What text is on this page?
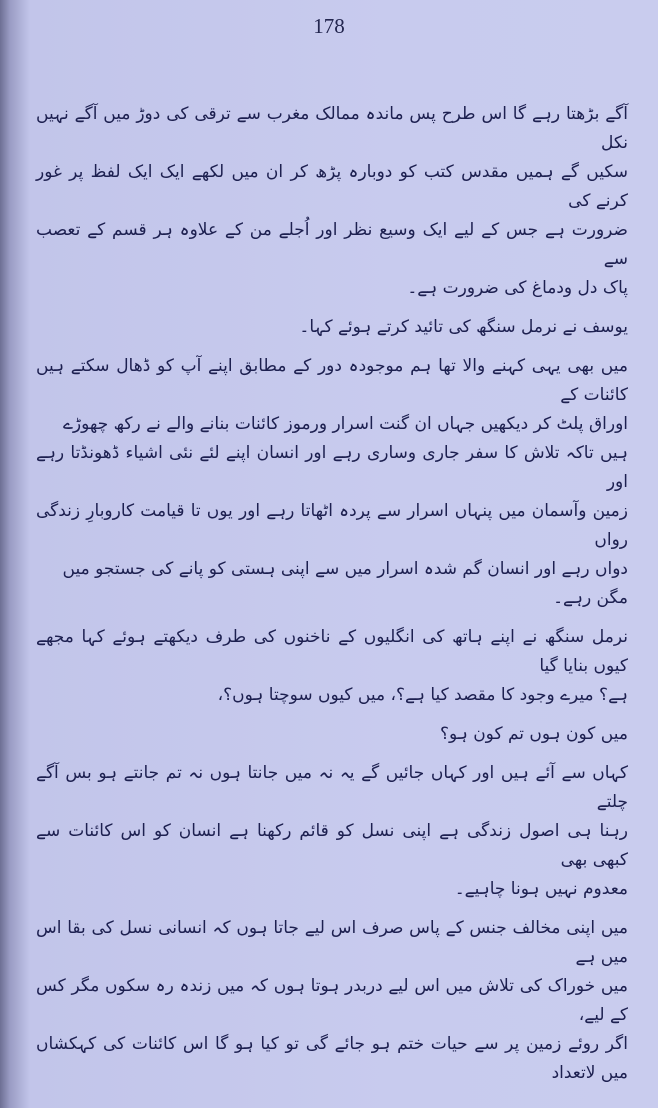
178
آگے بڑھتا رہے گا اس طرح پس ماندہ ممالک مغرب سے ترقی کی دوڑ میں آگے نہیں نکل
سکیں گے ہمیں مقدس کتب کو دوبارہ پڑھ کر ان میں لکھے ایک ایک لفظ پر غور کرنے کی
ضرورت ہے جس کے لیے ایک وسیع نظر اور اُجلے من کے علاوہ ہر قسم کے تعصب سے
پاک دل ودماغ کی ضرورت ہے۔
یوسف نے نرمل سنگھ کی تائید کرتے ہوئے کہا۔
میں بھی یہی کہنے والا تھا ہم موجودہ دور کے مطابق اپنے آپ کو ڈھال سکتے ہیں کائنات کے
اوراق پلٹ کر دیکھیں جہاں ان گنت اسرار ورموز کائنات بنانے والے نے رکھ چھوڑے
ہیں تاکہ تلاش کا سفر جاری وساری رہے اور انسان اپنے لئے نئی اشیاء ڈھونڈتا رہے اور
زمین وآسمان میں پنہاں اسرار سے پردہ اٹھاتا رہے اور یوں تا قیامت کاروبارِ زندگی رواں
دواں رہے اور انسان گم شدہ اسرار میں سے اپنی ہستی کو پانے کی جستجو میں مگن رہے۔
نرمل سنگھ نے اپنے ہاتھ کی انگلیوں کے ناخنوں کی طرف دیکھتے ہوئے کہا مجھے کیوں بنایا گیا
ہے؟ میرے وجود کا مقصد کیا ہے؟، میں کیوں سوچتا ہوں؟،
میں کون ہوں تم کون ہو؟
کہاں سے آئے ہیں اور کہاں جائیں گے یہ نہ میں جانتا ہوں نہ تم جانتے ہو بس آگے چلتے
رہنا ہی اصول زندگی ہے اپنی نسل کو قائم رکھنا ہے انسان کو اس کائنات سے کبھی بھی
معدوم نہیں ہونا چاہیے۔
میں اپنی مخالف جنس کے پاس صرف اس لیے جاتا ہوں کہ انسانی نسل کی بقا اس میں ہے
میں خوراک کی تلاش میں اس لیے دربدر ہوتا ہوں کہ میں زندہ رہ سکوں مگر کس کے لیے،
اگر روئے زمین پر سے حیات ختم ہو جائے گی تو کیا ہو گا اس کائنات کی کہکشاں میں لاتعداد
